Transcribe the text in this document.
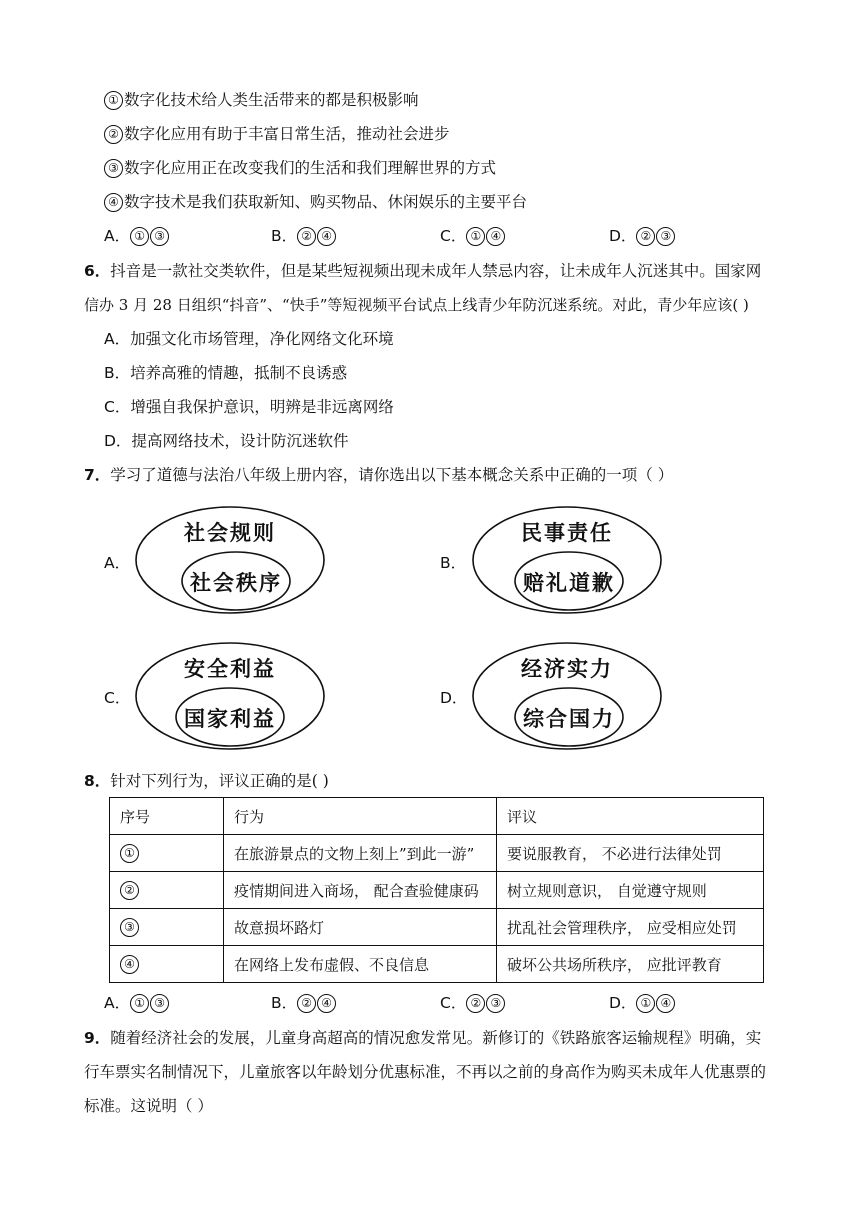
① 数字化技术给人类生活带来的都是积极影响
② 数字化应用有助于丰富日常生活，推动社会进步
③ 数字化应用正在改变我们的生活和我们理解世界的方式
④ 数字技术是我们获取新知、购买物品、休闲娱乐的主要平台
A． ① ③	B． ② ④	C． ① ④	D． ② ③
6．抖音是一款社交类软件，但是某些短视频出现未成年人禁忌内容，让未成年人沉迷其中。国家网
信办 3 月 28 日组织“抖音”、“快手”等短视频平台试点上线青少年防沉迷系统。对此，青少年应该( )
A．加强文化市场管理，净化网络文化环境
B．培养高雅的情趣，抵制不良诱惑
C．增强自我保护意识，明辨是非远离网络
D．提高网络技术，设计防沉迷软件
7．学习了道德与法治八年级上册内容，请你选出以下基本概念关系中正确的一项（ ）
A．
社会规则
社会秩序
B．
民事责任
赔礼道歉
C．
安全利益
国家利益
D．
经济实力
综合国力
8．针对下列行为，评议正确的是( )
序号	行为	评议
①	在旅游景点的文物上刻上”到此一游”	要说服教育， 不必进行法律处罚
②	疫情期间进入商场， 配合查验健康码	树立规则意识， 自觉遵守规则
③	故意损坏路灯	扰乱社会管理秩序， 应受相应处罚
④	在网络上发布虚假、不良信息	破坏公共场所秩序， 应批评教育
A． ① ③	B． ② ④	C． ② ③	D． ① ④
9．随着经济社会的发展，儿童身高超高的情况愈发常见。新修订的《铁路旅客运输规程》明确，实
行车票实名制情况下，儿童旅客以年龄划分优惠标准，不再以之前的身高作为购买未成年人优惠票的
标准。这说明（ ）
